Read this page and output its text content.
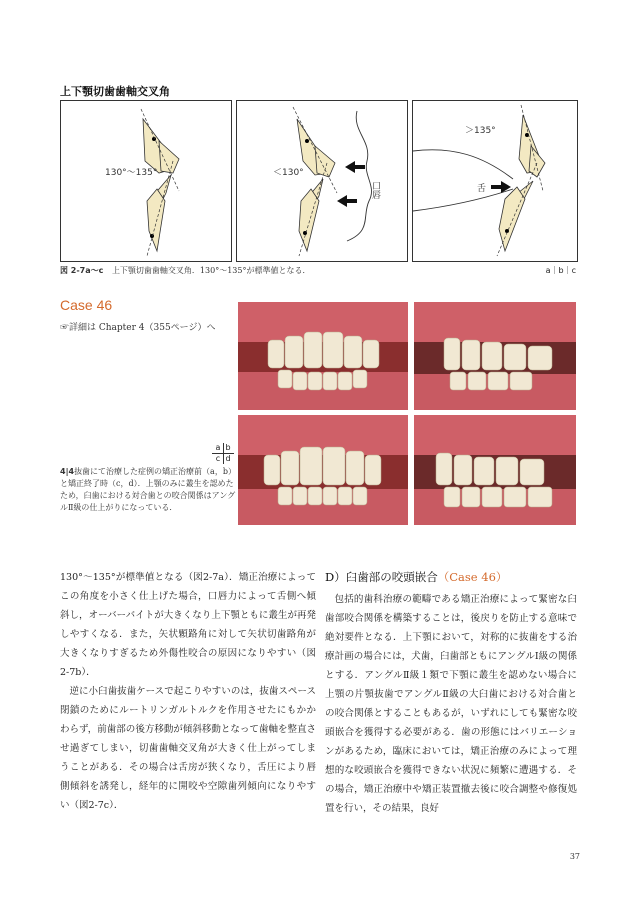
上下顎切歯歯軸交叉角
130°〜135°	＜130°
口唇
＞135°
舌
図 2-7a〜c 上下顎切歯歯軸交叉角．130°〜135°が標準値となる．	a｜b｜c
Case 46
☞詳細は Chapter 4（355ページ）へ
a b
c d
4|4抜歯にて治療した症例の矯正治療前（a，b）と矯正終了時（c，d）．上顎のみに叢生を認めたため，臼歯における対合歯との咬合関係はアングルⅡ級の仕上がりになっている．

130°〜135°が標準値となる（図2-7a）．矯正治療によってこの角度を小さく仕上げた場合，口唇力によって舌側へ傾斜し，オーバーバイトが大きくなり上下顎ともに叢生が再発しやすくなる．また，矢状顆路角に対して矢状切歯路角が大きくなりすぎるため外傷性咬合の原因になりやすい（図2-7b）．

逆に小臼歯抜歯ケースで起こりやすいのは，抜歯スペース閉鎖のためにルートリンガルトルクを作用させたにもかかわらず，前歯部の後方移動が傾斜移動となって歯軸を整直させ過ぎてしまい，切歯歯軸交叉角が大きく仕上がってしまうことがある．その場合は舌房が狭くなり，舌圧により唇側傾斜を誘発し，経年的に開咬や空隙歯列傾向になりやすい（図2-7c）．

D）臼歯部の咬頭嵌合（Case 46）

包括的歯科治療の範疇である矯正治療によって緊密な臼歯部咬合関係を構築することは，後戻りを防止する意味で絶対要件となる．上下顎において，対称的に抜歯をする治療計画の場合には，犬歯，臼歯部ともにアングルⅠ級の関係とする．アングルⅡ級１類で下顎に叢生を認めない場合に上顎の片顎抜歯でアングルⅡ級の大臼歯における対合歯との咬合関係とすることもあるが，いずれにしても緊密な咬頭嵌合を獲得する必要がある．歯の形態にはバリエーションがあるため，臨床においては，矯正治療のみによって理想的な咬頭嵌合を獲得できない状況に頻繁に遭遇する．その場合，矯正治療中や矯正装置撤去後に咬合調整や修復処置を行い，その結果，良好

37
